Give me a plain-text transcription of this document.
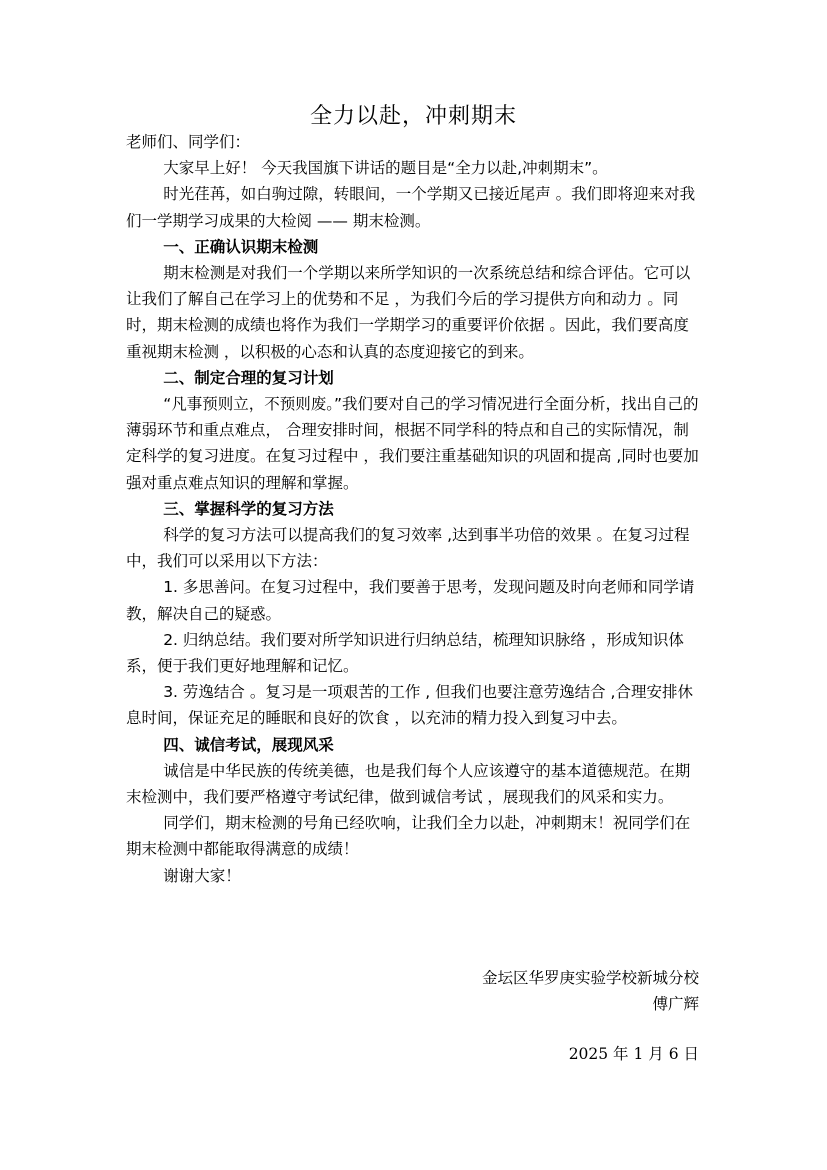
全力以赴，冲刺期末

老师们、同学们：

大家早上好！ 今天我国旗下讲话的题目是“全力以赴,冲刺期末”。

时光荏苒，如白驹过隙，转眼间，一个学期又已接近尾声 。我们即将迎来对我们一学期学习成果的大检阅 —— 期末检测。

一、正确认识期末检测

期末检测是对我们一个学期以来所学知识的一次系统总结和综合评估。它可以让我们了解自己在学习上的优势和不足 ，为我们今后的学习提供方向和动力 。同时，期末检测的成绩也将作为我们一学期学习的重要评价依据 。因此，我们要高度重视期末检测 ，以积极的心态和认真的态度迎接它的到来。

二、制定合理的复习计划

“凡事预则立，不预则废。”我们要对自己的学习情况进行全面分析，找出自己的薄弱环节和重点难点， 合理安排时间，根据不同学科的特点和自己的实际情况，制定科学的复习进度。在复习过程中 ，我们要注重基础知识的巩固和提高 ,同时也要加强对重点难点知识的理解和掌握。

三、掌握科学的复习方法

科学的复习方法可以提高我们的复习效率 ,达到事半功倍的效果 。在复习过程中，我们可以采用以下方法：

1. 多思善问。在复习过程中，我们要善于思考，发现问题及时向老师和同学请教，解决自己的疑惑。

2. 归纳总结。我们要对所学知识进行归纳总结，梳理知识脉络 ，形成知识体系，便于我们更好地理解和记忆。

3. 劳逸结合 。复习是一项艰苦的工作 , 但我们也要注意劳逸结合 ,合理安排休息时间，保证充足的睡眠和良好的饮食 ，以充沛的精力投入到复习中去。

四、诚信考试，展现风采

诚信是中华民族的传统美德，也是我们每个人应该遵守的基本道德规范。在期末检测中，我们要严格遵守考试纪律，做到诚信考试 ，展现我们的风采和实力。

同学们，期末检测的号角已经吹响，让我们全力以赴，冲刺期末！祝同学们在期末检测中都能取得满意的成绩！

谢谢大家！

金坛区华罗庚实验学校新城分校
傅广辉
2025 年 1 月 6 日
